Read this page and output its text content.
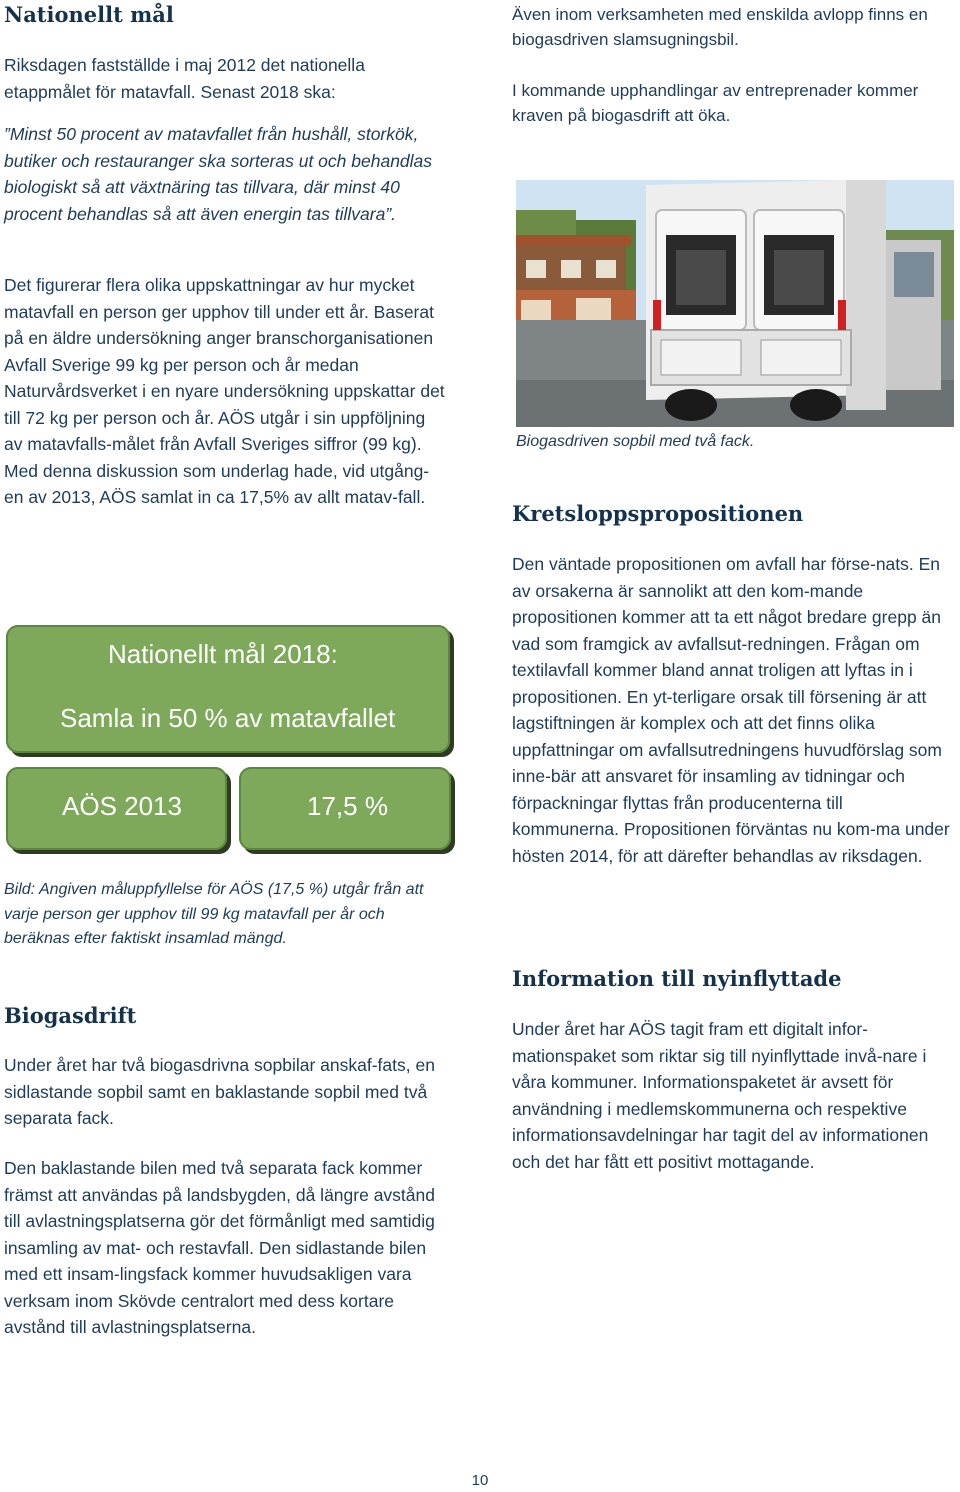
Nationellt mål

Riksdagen fastställde i maj 2012 det nationella etappmålet för matavfall. Senast 2018 ska:

”Minst 50 procent av matavfallet från hushåll, storkök, butiker och restauranger ska sorteras ut och behandlas biologiskt så att växtnäring tas tillvara, där minst 40 procent behandlas så att även energin tas tillvara”.

Det figurerar flera olika uppskattningar av hur mycket matavfall en person ger upphov till under ett år. Baserat på en äldre undersökning anger branschorganisationen Avfall Sverige 99 kg per person och år medan Naturvårdsverket i en nyare undersökning uppskattar det till 72 kg per person och år. AÖS utgår i sin uppföljning av matavfalls-målet från Avfall Sveriges siffror (99 kg). Med denna diskussion som underlag hade, vid utgång-en av 2013, AÖS samlat in ca 17,5% av allt matav-fall.

Nationellt mål 2018:
Samla in 50 % av matavfallet
AÖS 2013	17,5 %

Bild: Angiven måluppfyllelse för AÖS (17,5 %) utgår från att varje person ger upphov till 99 kg matavfall per år och beräknas efter faktiskt insamlad mängd.

Biogasdrift

Under året har två biogasdrivna sopbilar anskaf-fats, en sidlastande sopbil samt en baklastande sopbil med två separata fack.

Den baklastande bilen med två separata fack kommer främst att användas på landsbygden, då längre avstånd till avlastningsplatserna gör det förmånligt med samtidig insamling av mat- och restavfall. Den sidlastande bilen med ett insam-lingsfack kommer huvudsakligen vara verksam inom Skövde centralort med dess kortare avstånd till avlastningsplatserna.

Även inom verksamheten med enskilda avlopp finns en biogasdriven slamsugningsbil.

I kommande upphandlingar av entreprenader kommer kraven på biogasdrift att öka.

Biogasdriven sopbil med två fack.

Kretsloppspropositionen

Den väntade propositionen om avfall har förse-nats. En av orsakerna är sannolikt att den kom-mande propositionen kommer att ta ett något bredare grepp än vad som framgick av avfallsut-redningen. Frågan om textilavfall kommer bland annat troligen att lyftas in i propositionen. En yt-terligare orsak till försening är att lagstiftningen är komplex och att det finns olika uppfattningar om avfallsutredningens huvudförslag som inne-bär att ansvaret för insamling av tidningar och förpackningar flyttas från producenterna till kommunerna. Propositionen förväntas nu kom-ma under hösten 2014, för att därefter behandlas av riksdagen.

Information till nyinflyttade

Under året har AÖS tagit fram ett digitalt infor-mationspaket som riktar sig till nyinflyttade invå-nare i våra kommuner. Informationspaketet är avsett för användning i medlemskommunerna och respektive informationsavdelningar har tagit del av informationen och det har fått ett positivt mottagande.

10
